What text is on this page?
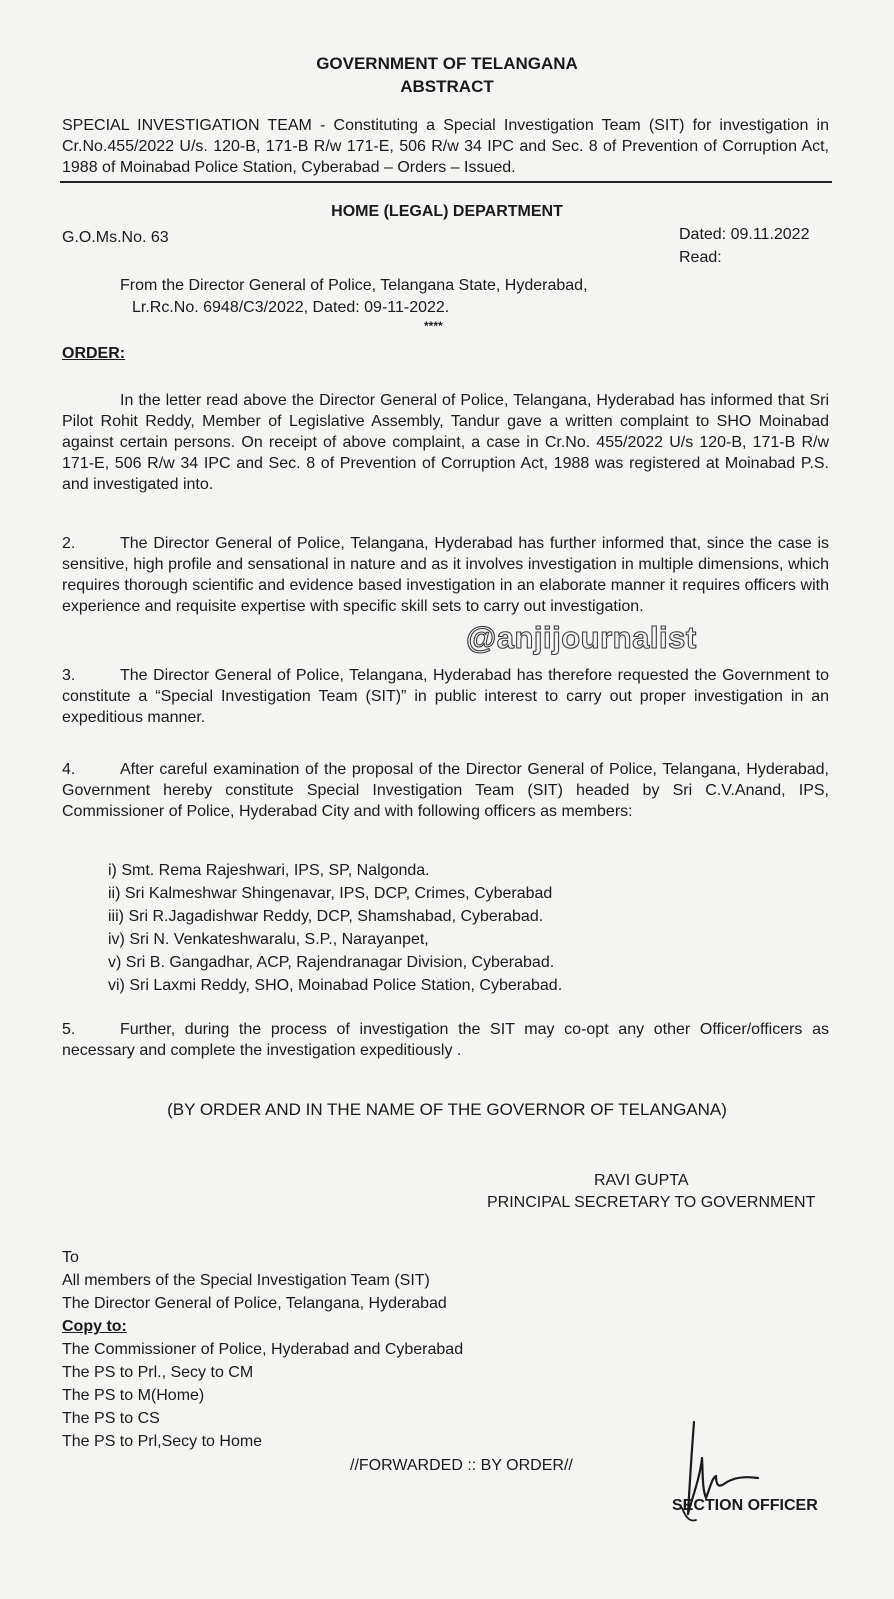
GOVERNMENT OF TELANGANA
ABSTRACT
SPECIAL INVESTIGATION TEAM - Constituting a Special Investigation Team (SIT) for investigation in Cr.No.455/2022 U/s. 120-B, 171-B R/w 171-E, 506 R/w 34 IPC and Sec. 8 of Prevention of Corruption Act, 1988 of Moinabad Police Station, Cyberabad – Orders – Issued.
HOME (LEGAL) DEPARTMENT
G.O.Ms.No. 63	Dated: 09.11.2022
Read:
From the Director General of Police, Telangana State, Hyderabad,
Lr.Rc.No. 6948/C3/2022, Dated: 09-11-2022.
****
ORDER:
In the letter read above the Director General of Police, Telangana, Hyderabad has informed that Sri Pilot Rohit Reddy, Member of Legislative Assembly, Tandur gave a written complaint to SHO Moinabad against certain persons. On receipt of above complaint, a case in Cr.No. 455/2022 U/s 120-B, 171-B R/w 171-E, 506 R/w 34 IPC and Sec. 8 of Prevention of Corruption Act, 1988 was registered at Moinabad P.S. and investigated into.
2.	The Director General of Police, Telangana, Hyderabad has further informed that, since the case is sensitive, high profile and sensational in nature and as it involves investigation in multiple dimensions, which requires thorough scientific and evidence based investigation in an elaborate manner it requires officers with experience and requisite expertise with specific skill sets to carry out investigation.
@anjijournalist
3.	The Director General of Police, Telangana, Hyderabad has therefore requested the Government to constitute a “Special Investigation Team (SIT)” in public interest to carry out proper investigation in an expeditious manner.
4.	After careful examination of the proposal of the Director General of Police, Telangana, Hyderabad, Government hereby constitute Special Investigation Team (SIT) headed by Sri C.V.Anand, IPS, Commissioner of Police, Hyderabad City and with following officers as members:
i) Smt. Rema Rajeshwari, IPS, SP, Nalgonda.
ii) Sri Kalmeshwar Shingenavar, IPS, DCP, Crimes, Cyberabad
iii) Sri R.Jagadishwar Reddy, DCP, Shamshabad, Cyberabad.
iv) Sri N. Venkateshwaralu, S.P., Narayanpet,
v) Sri B. Gangadhar, ACP, Rajendranagar Division, Cyberabad.
vi) Sri Laxmi Reddy, SHO, Moinabad Police Station, Cyberabad.
5.	Further, during the process of investigation the SIT may co-opt any other Officer/officers as necessary and complete the investigation expeditiously .
(BY ORDER AND IN THE NAME OF THE GOVERNOR OF TELANGANA)
RAVI GUPTA
PRINCIPAL SECRETARY TO GOVERNMENT
To
All members of the Special Investigation Team (SIT)
The Director General of Police, Telangana, Hyderabad
Copy to:
The Commissioner of Police, Hyderabad and Cyberabad
The PS to Prl., Secy to CM
The PS to M(Home)
The PS to CS
The PS to Prl,Secy to Home
//FORWARDED :: BY ORDER//
SECTION OFFICER
